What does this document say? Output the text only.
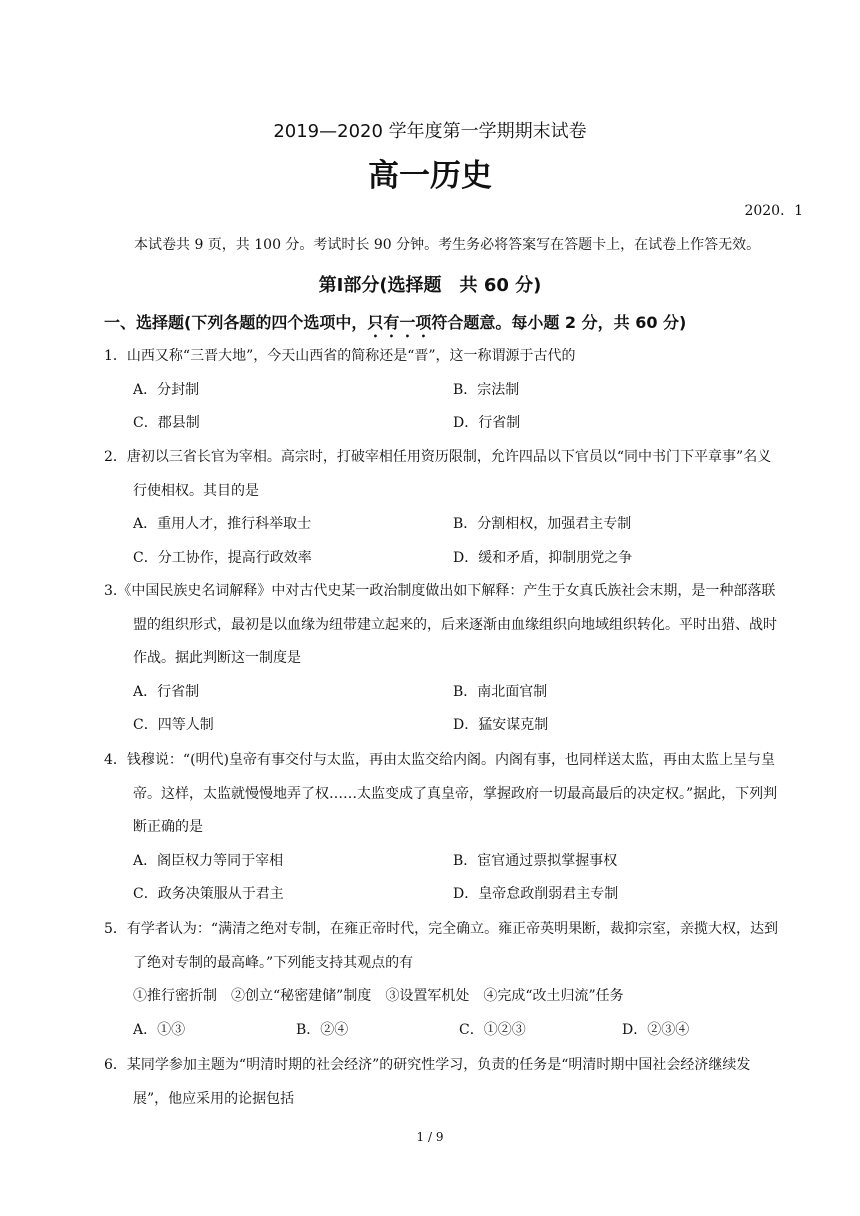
2019—2020 学年度第一学期期末试卷
高一历史
2020．1
本试卷共 9 页，共 100 分。考试时长 90 分钟。考生务必将答案写在答题卡上，在试卷上作答无效。
第Ⅰ部分(选择题　共 60 分)
一、选择题(下列各题的四个选项中，只有一项符合题意。每小题 2 分，共 60 分)
1．山西又称“三晋大地”，今天山西省的简称还是“晋”，这一称谓源于古代的
A．分封制	B．宗法制
C．郡县制	D．行省制
2．唐初以三省长官为宰相。高宗时，打破宰相任用资历限制，允许四品以下官员以“同中书门下平章事”名义行使相权。其目的是
A．重用人才，推行科举取士	B．分割相权，加强君主专制
C．分工协作，提高行政效率	D．缓和矛盾，抑制朋党之争
3.《中国民族史名词解释》中对古代史某一政治制度做出如下解释：产生于女真氏族社会末期，是一种部落联盟的组织形式，最初是以血缘为纽带建立起来的，后来逐渐由血缘组织向地域组织转化。平时出猎、战时作战。据此判断这一制度是
A．行省制	B．南北面官制
C．四等人制	D．猛安谋克制
4．钱穆说：“(明代)皇帝有事交付与太监，再由太监交给内阁。内阁有事，也同样送太监，再由太监上呈与皇帝。这样，太监就慢慢地弄了权……太监变成了真皇帝，掌握政府一切最高最后的决定权。”据此，下列判断正确的是
A．阁臣权力等同于宰相	B．宦官通过票拟掌握事权
C．政务决策服从于君主	D．皇帝怠政削弱君主专制
5．有学者认为：“满清之绝对专制，在雍正帝时代，完全确立。雍正帝英明果断，裁抑宗室，亲揽大权，达到了绝对专制的最高峰。”下列能支持其观点的有
①推行密折制　②创立“秘密建储”制度　③设置军机处　④完成“改土归流”任务
A．①③	B．②④	C．①②③	D．②③④
6．某同学参加主题为“明清时期的社会经济”的研究性学习，负责的任务是“明清时期中国社会经济继续发展”，他应采用的论据包括
1 / 9
